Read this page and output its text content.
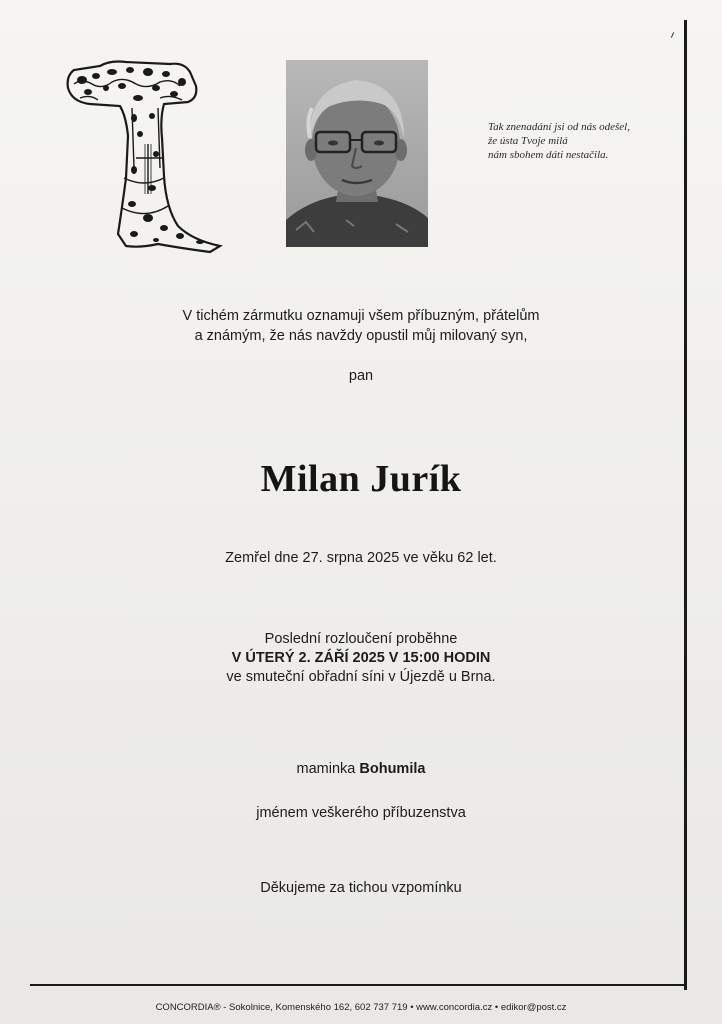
Tak znenadání jsi od nás odešel,
že ústa Tvoje milá
nám sbohem dáti nestačila.
V tichém zármutku oznamuji všem příbuzným, přátelům
a známým, že nás navždy opustil můj milovaný syn,
pan
Milan Jurík
Zemřel dne 27. srpna 2025 ve věku 62 let.
Poslední rozloučení proběhne
V ÚTERÝ 2. ZÁŘÍ 2025 V 15:00 HODIN
ve smuteční obřadní síni v Újezdě u Brna.
maminka Bohumila
jménem veškerého příbuzenstva
Děkujeme za tichou vzpomínku
CONCORDIA® - Sokolnice, Komenského 162, 602 737 719 • www.concordia.cz • edikor@post.cz
